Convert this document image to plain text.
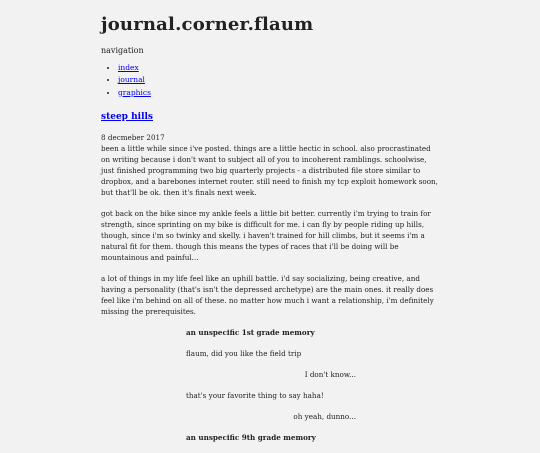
journal.corner.flaum
navigation
• index
• journal
• graphics
steep hills

8 decmeber 2017

been a little while since i've posted. things are a little hectic in school. also procrastinated on writing because i don't want to subject all of you to incoherent ramblings. schoolwise, just finished programming two big quarterly projects - a distributed file store similar to dropbox, and a barebones internet router. still need to finish my tcp exploit homework soon, but that'll be ok. then it's finals next week.

got back on the bike since my ankle feels a little bit better. currently i'm trying to train for strength, since sprinting on my bike is difficult for me. i can fly by people riding up hills, though, since i'm so twinky and skelly. i haven't trained for hill climbs, but it seems i'm a natural fit for them. though this means the types of races that i'll be doing will be mountainous and painful...

a lot of things in my life feel like an uphill battle. i'd say socializing, being creative, and having a personality (that's isn't the depressed archetype) are the main ones. it really does feel like i'm behind on all of these. no matter how much i want a relationship, i'm definitely missing the prerequisites.

an unspecific 1st grade memory
flaum, did you like the field trip
I don't know...
that's your favorite thing to say haha!
oh yeah, dunno...
an unspecific 9th grade memory
